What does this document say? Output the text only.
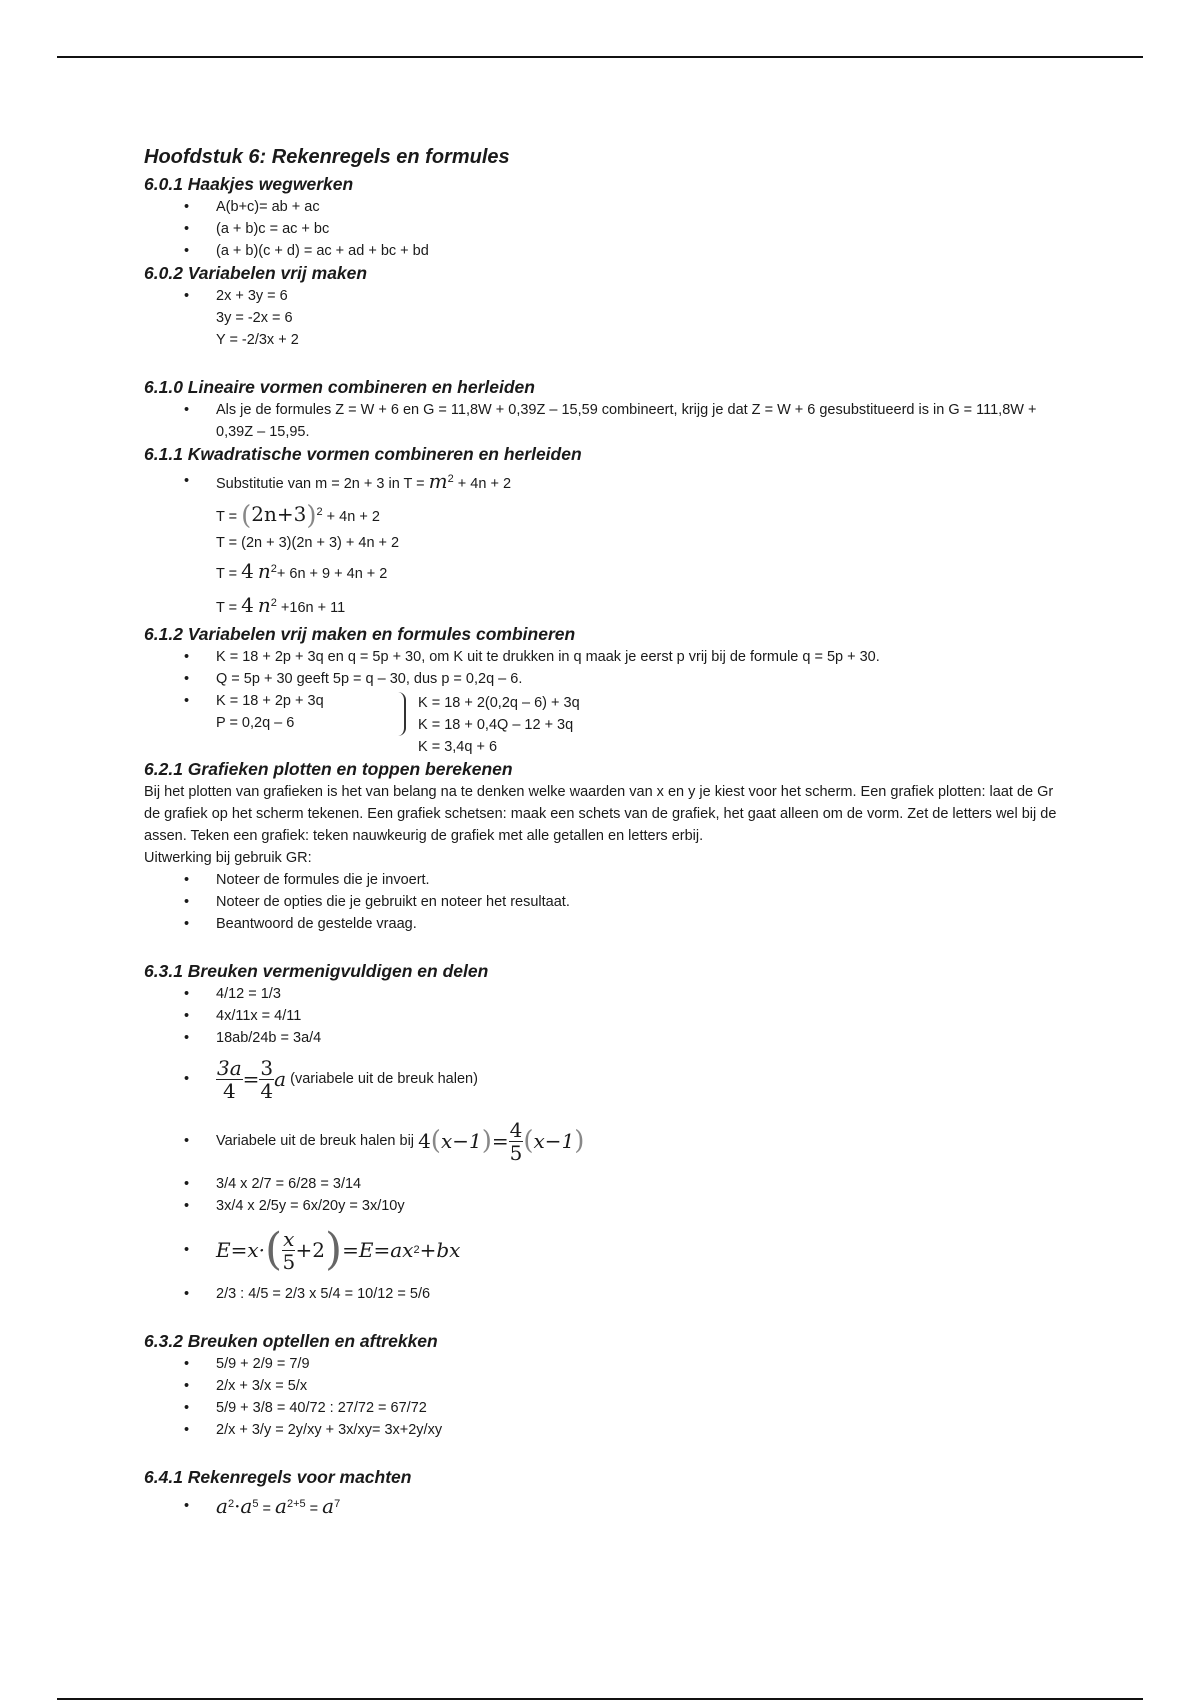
Hoofdstuk 6: Rekenregels en formules
6.0.1 Haakjes wegwerken
• A(b+c)= ab + ac
• (a + b)c = ac + bc
• (a + b)(c + d) = ac + ad + bc + bd
6.0.2 Variabelen vrij maken
• 2x + 3y = 6
3y = -2x = 6
Y = -2/3x + 2
6.1.0 Lineaire vormen combineren en herleiden
• Als je de formules Z = W + 6 en G = 11,8W + 0,39Z – 15,59 combineert, krijg je dat Z = W + 6 gesubstitueerd is in G = 111,8W + 0,39Z – 15,95.
6.1.1 Kwadratische vormen combineren en herleiden
• Substitutie van m = 2n + 3 in $T = m^2 + 4n + 2$
$T = (2n+3)^2 + 4n + 2$
T = (2n + 3)(2n + 3) + 4n + 2
T = 4 $n^2+ 6n + 9 + 4n + 2$
T = 4 $n^2 +16n + 11$
6.1.2 Variabelen vrij maken en formules combineren
• K = 18 + 2p + 3q en q = 5p + 30, om K uit te drukken in q maak je eerst p vrij bij de formule q = 5p + 30.
• Q = 5p + 30 geeft 5p = q – 30, dus p = 0,2q – 6.
• K = 18 + 2p + 3q
P = 0,2q – 6
K = 18 + 2(0,2q – 6) + 3q
K = 18 + 0,4Q – 12 + 3q
K = 3,4q + 6
6.2.1 Grafieken plotten en toppen berekenen
Bij het plotten van grafieken is het van belang na te denken welke waarden van x en y je kiest voor het scherm. Een grafiek plotten: laat de Gr de grafiek op het scherm tekenen. Een grafiek schetsen: maak een schets van de grafiek, het gaat alleen om de vorm. Zet de letters wel bij de assen. Teken een grafiek: teken nauwkeurig de grafiek met alle getallen en letters erbij.
Uitwerking bij gebruik GR:
• Noteer de formules die je invoert.
• Noteer de opties die je gebruikt en noteer het resultaat.
• Beantwoord de gestelde vraag.
6.3.1 Breuken vermenigvuldigen en delen
• 4/12 = 1/3
• 4x/11x = 4/11
• 18ab/24b = 3a/4
• $\frac{3a}{4} = \frac{3}{4}$ a (variabele uit de breuk halen)
• Variabele uit de breuk halen bij 4 ( x−1 ) = $\frac{4}{5}$ ( x−1 )
• 3/4 x 2/7 = 6/28 = 3/14
• 3x/4 x 2/5y = 6x/20y = 3x/10y
• E=x· ( $\frac{x}{5} +2$ ) =E=ax 2 +bx
• 2/3 : 4/5 = 2/3 x 5/4 = 10/12 = 5/6
6.3.2 Breuken optellen en aftrekken
• 5/9 + 2/9 = 7/9
• 2/x + 3/x = 5/x
• 5/9 + 3/8 = 40/72 : 27/72 = 67/72
• 2/x + 3/y = 2y/xy + 3x/xy= 3x+2y/xy
6.4.1 Rekenregels voor machten
• $a^2\cdot a^5 = a^{2+5} = a^7$
